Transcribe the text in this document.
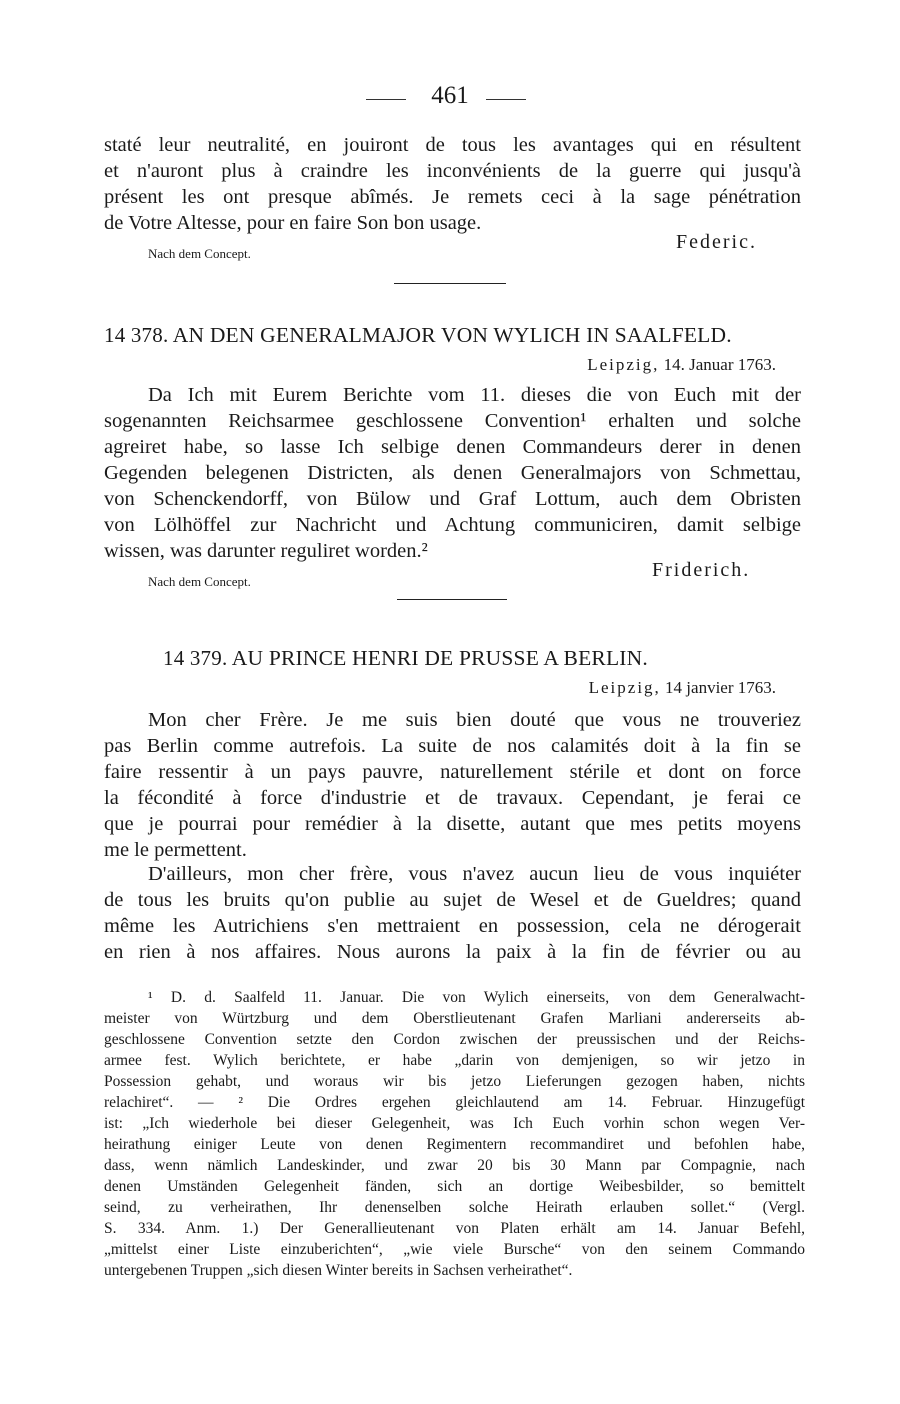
461
staté leur neutralité, en jouiront de tous les avantages qui en résultent
et n'auront plus à craindre les inconvénients de la guerre qui jusqu'à
présent les ont presque abîmés. Je remets ceci à la sage pénétration
de Votre Altesse, pour en faire Son bon usage.
Nach dem Concept.
Federic.
14 378. AN DEN GENERALMAJOR VON WYLICH IN SAALFELD.
Leipzig, 14. Januar 1763.
Da Ich mit Eurem Berichte vom 11. dieses die von Euch mit der
sogenannten Reichsarmee geschlossene Convention¹ erhalten und solche
agreiret habe, so lasse Ich selbige denen Commandeurs derer in denen
Gegenden belegenen Districten, als denen Generalmajors von Schmettau,
von Schenckendorff, von Bülow und Graf Lottum, auch dem Obristen
von Lölhöffel zur Nachricht und Achtung communiciren, damit selbige
wissen, was darunter reguliret worden.²
Nach dem Concept.
Friderich.
14 379. AU PRINCE HENRI DE PRUSSE A BERLIN.
Leipzig, 14 janvier 1763.
Mon cher Frère. Je me suis bien douté que vous ne trouveriez
pas Berlin comme autrefois. La suite de nos calamités doit à la fin se
faire ressentir à un pays pauvre, naturellement stérile et dont on force
la fécondité à force d'industrie et de travaux. Cependant, je ferai ce
que je pourrai pour remédier à la disette, autant que mes petits moyens
me le permettent.
D'ailleurs, mon cher frère, vous n'avez aucun lieu de vous inquiéter
de tous les bruits qu'on publie au sujet de Wesel et de Gueldres; quand
même les Autrichiens s'en mettraient en possession, cela ne dérogerait
en rien à nos affaires. Nous aurons la paix à la fin de février ou au
¹ D. d. Saalfeld 11. Januar. Die von Wylich einerseits, von dem Generalwacht-
meister von Würtzburg und dem Oberstlieutenant Grafen Marliani andererseits ab-
geschlossene Convention setzte den Cordon zwischen der preussischen und der Reichs-
armee fest. Wylich berichtete, er habe „darin von demjenigen, so wir jetzo in
Possession gehabt, und woraus wir bis jetzo Lieferungen gezogen haben, nichts
relachiret“. — ² Die Ordres ergehen gleichlautend am 14. Februar. Hinzugefügt
ist: „Ich wiederhole bei dieser Gelegenheit, was Ich Euch vorhin schon wegen Ver-
heirathung einiger Leute von denen Regimentern recommandiret und befohlen habe,
dass, wenn nämlich Landeskinder, und zwar 20 bis 30 Mann par Compagnie, nach
denen Umständen Gelegenheit fänden, sich an dortige Weibesbilder, so bemittelt
seind, zu verheirathen, Ihr denenselben solche Heirath erlauben sollet.“ (Vergl.
S. 334. Anm. 1.) Der Generallieutenant von Platen erhält am 14. Januar Befehl,
„mittelst einer Liste einzuberichten“, „wie viele Bursche“ von den seinem Commando
untergebenen Truppen „sich diesen Winter bereits in Sachsen verheirathet“.
